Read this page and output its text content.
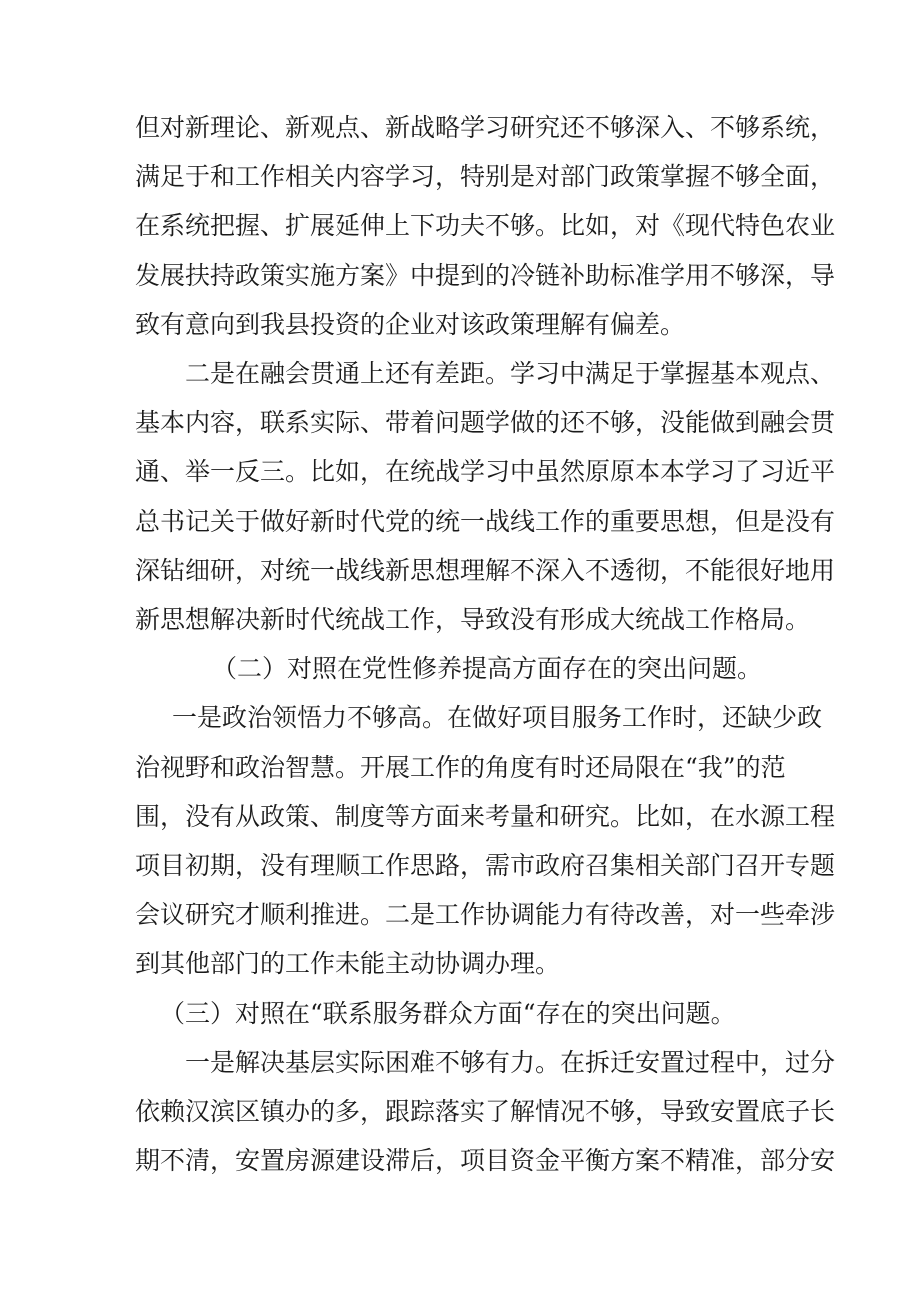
但对新理论、新观点、新战略学习研究还不够深入、不够系统，
满足于和工作相关内容学习，特别是对部门政策掌握不够全面，
在系统把握、扩展延伸上下功夫不够。比如，对《现代特色农业
发展扶持政策实施方案》中提到的冷链补助标准学用不够深，导
致有意向到我县投资的企业对该政策理解有偏差。
二是在融会贯通上还有差距。学习中满足于掌握基本观点、
基本内容，联系实际、带着问题学做的还不够，没能做到融会贯
通、举一反三。比如，在统战学习中虽然原原本本学习了习近平
总书记关于做好新时代党的统一战线工作的重要思想，但是没有
深钻细研，对统一战线新思想理解不深入不透彻，不能很好地用
新思想解决新时代统战工作，导致没有形成大统战工作格局。
（二）对照在党性修养提高方面存在的突出问题。
一是政治领悟力不够高。在做好项目服务工作时，还缺少政
治视野和政治智慧。开展工作的角度有时还局限在“我”的范
围，没有从政策、制度等方面来考量和研究。比如，在水源工程
项目初期，没有理顺工作思路，需市政府召集相关部门召开专题
会议研究才顺利推进。二是工作协调能力有待改善，对一些牵涉
到其他部门的工作未能主动协调办理。
（三）对照在“联系服务群众方面“存在的突出问题。
一是解决基层实际困难不够有力。在拆迁安置过程中，过分
依赖汉滨区镇办的多，跟踪落实了解情况不够，导致安置底子长
期不清，安置房源建设滞后，项目资金平衡方案不精准，部分安
